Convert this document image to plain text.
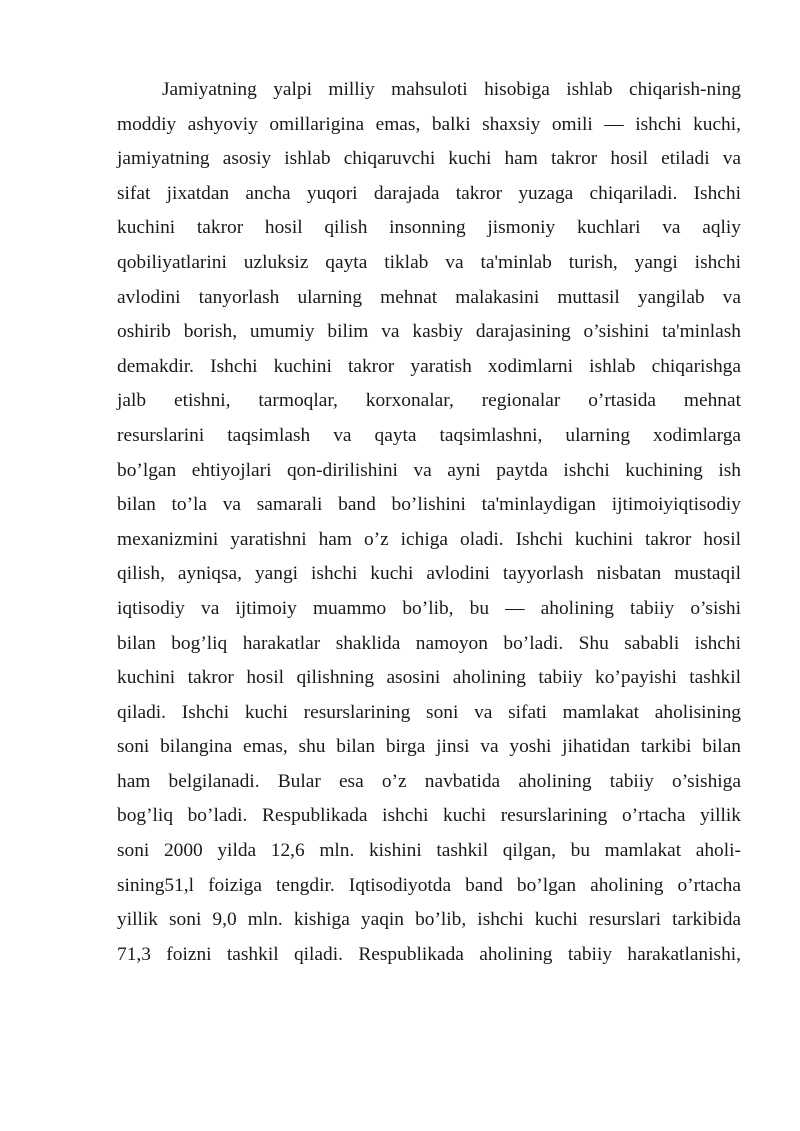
Jamiyatning yalpi milliy mahsuloti hisobiga ishlab chiqarish-ning
moddiy ashyoviy omillarigina emas, balki shaxsiy omili — ishchi kuchi,
jamiyatning asosiy ishlab chiqaruvchi kuchi ham takror hosil etiladi va
sifat jixatdan ancha yuqori darajada takror yuzaga chiqariladi. Ishchi
kuchini takror hosil qilish insonning jismoniy kuchlari va aqliy
qobiliyatlarini uzluksiz qayta tiklab va ta'minlab turish, yangi ishchi
avlodini tanyorlash ularning mehnat malakasini muttasil yangilab va
oshirib borish, umumiy bilim va kasbiy darajasining o’sishini ta'minlash
demakdir. Ishchi kuchini takror yaratish xodimlarni ishlab chiqarishga
jalb etishni, tarmoqlar, korxonalar, regionalar o’rtasida mehnat
resurslarini taqsimlash va qayta taqsimlashni, ularning xodimlarga
bo’lgan ehtiyojlari qon-dirilishini va ayni paytda ishchi kuchining ish
bilan to’la va samarali band bo’lishini ta'minlaydigan ijtimoiyiqtisodiy
mexanizmini yaratishni ham o’z ichiga oladi. Ishchi kuchini takror hosil
qilish, ayniqsa, yangi ishchi kuchi avlodini tayyorlash nisbatan mustaqil
iqtisodiy va ijtimoiy muammo bo’lib, bu — aholining tabiiy o’sishi
bilan bog’liq harakatlar shaklida namoyon bo’ladi. Shu sababli ishchi
kuchini takror hosil qilishning asosini aholining tabiiy ko’payishi tashkil
qiladi. Ishchi kuchi resurslarining soni va sifati mamlakat aholisining
soni bilangina emas, shu bilan birga jinsi va yoshi jihatidan tarkibi bilan
ham belgilanadi. Bular esa o’z navbatida aholining tabiiy o’sishiga
bog’liq bo’ladi. Respublikada ishchi kuchi resurslarining o’rtacha yillik
soni 2000 yilda 12,6 mln. kishini tashkil qilgan, bu mamlakat aholi-
sining51,l foiziga tengdir. Iqtisodiyotda band bo’lgan aholining o’rtacha
yillik soni 9,0 mln. kishiga yaqin bo’lib, ishchi kuchi resurslari tarkibida
71,3 foizni tashkil qiladi. Respublikada aholining tabiiy harakatlanishi,
